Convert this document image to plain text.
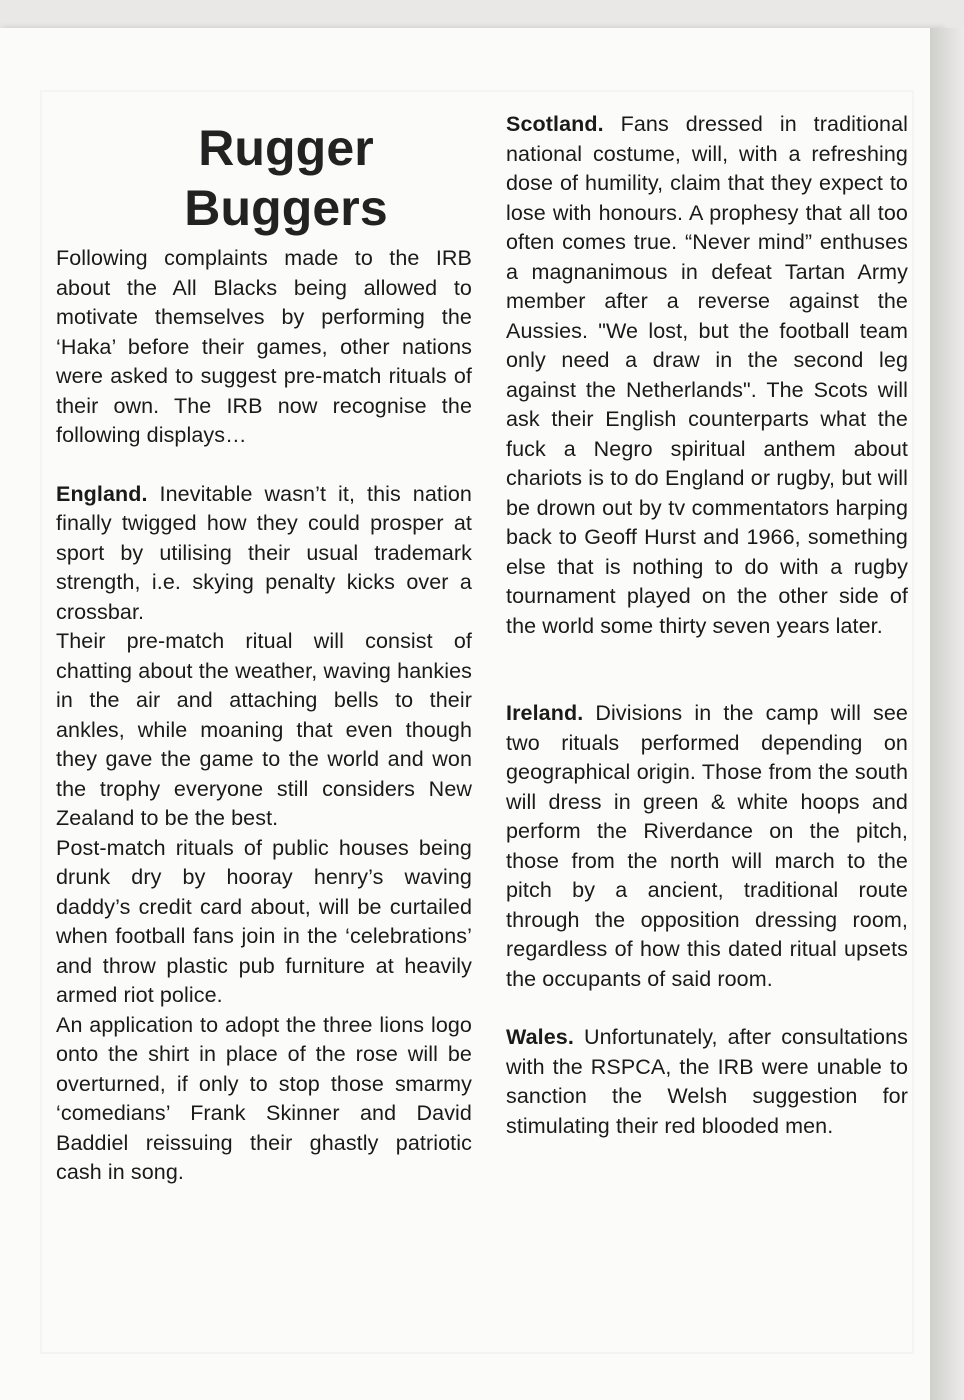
Rugger
Buggers

Following complaints made to the IRB about the All Blacks being allowed to motivate themselves by performing the ‘Haka’ before their games, other nations were asked to suggest pre-match rituals of their own. The IRB now recognise the following displays…

England. Inevitable wasn’t it, this nation finally twigged how they could prosper at sport by utilising their usual trademark strength, i.e. skying penalty kicks over a crossbar.

Their pre-match ritual will consist of chatting about the weather, waving hankies in the air and attaching bells to their ankles, while moaning that even though they gave the game to the world and won the trophy everyone still considers New Zealand to be the best.

Post-match rituals of public houses being drunk dry by hooray henry’s waving daddy’s credit card about, will be curtailed when football fans join in the ‘celebrations’ and throw plastic pub furniture at heavily armed riot police.

An application to adopt the three lions logo onto the shirt in place of the rose will be overturned, if only to stop those smarmy ‘comedians’ Frank Skinner and David Baddiel reissuing their ghastly patriotic cash in song.

Scotland. Fans dressed in traditional national costume, will, with a refreshing dose of humility, claim that they expect to lose with honours. A prophesy that all too often comes true. “Never mind” enthuses a magnanimous in defeat Tartan Army member after a reverse against the Aussies. "We lost, but the football team only need a draw in the second leg against the Netherlands". The Scots will ask their English counterparts what the fuck a Negro spiritual anthem about chariots is to do England or rugby, but will be drown out by tv commentators harping back to Geoff Hurst and 1966, something else that is nothing to do with a rugby tournament played on the other side of the world some thirty seven years later.

Ireland. Divisions in the camp will see two rituals performed depending on geographical origin. Those from the south will dress in green & white hoops and perform the Riverdance on the pitch, those from the north will march to the pitch by a ancient, traditional route through the opposition dressing room, regardless of how this dated ritual upsets the occupants of said room.

Wales. Unfortunately, after consultations with the RSPCA, the IRB were unable to sanction the Welsh suggestion for stimulating their red blooded men.
